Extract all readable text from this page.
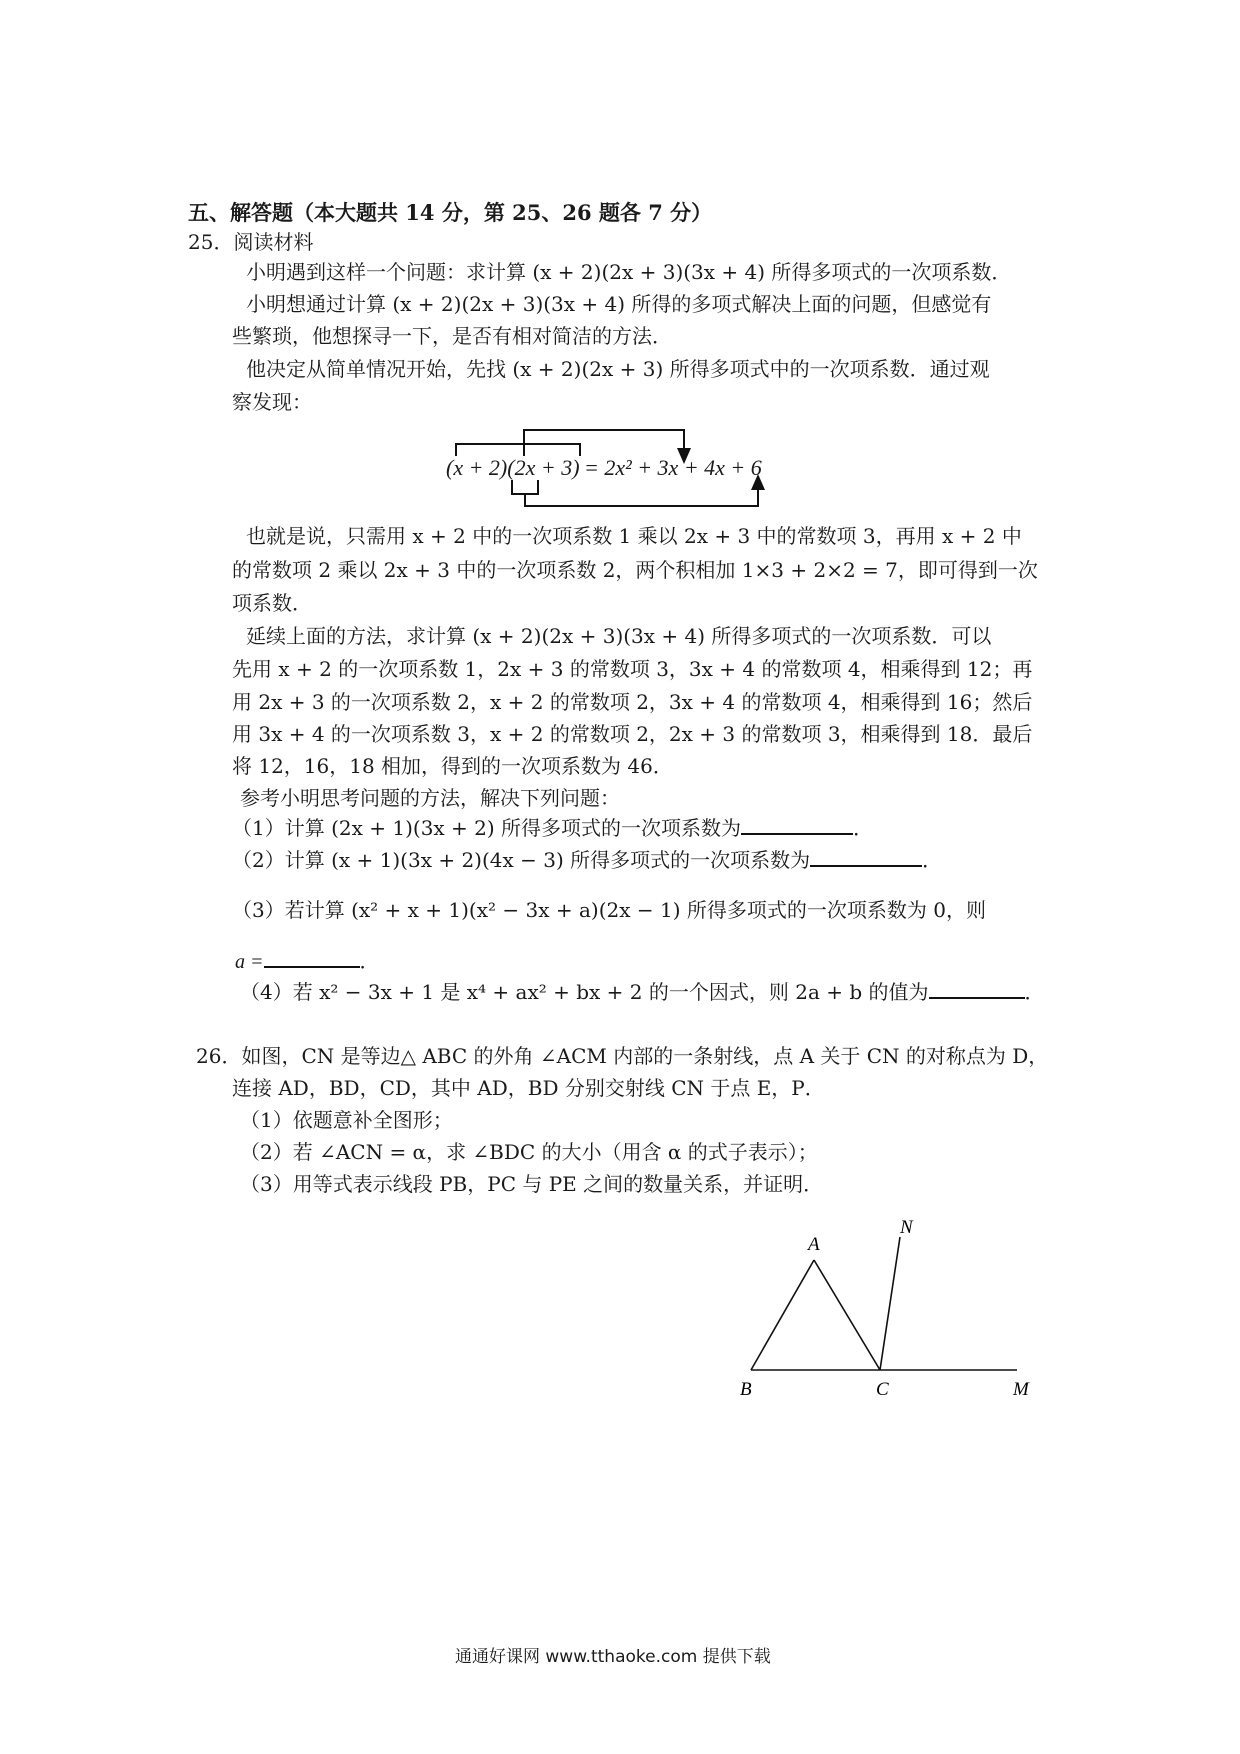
五、解答题（本大题共 14 分，第 25、26 题各 7 分）
25．阅读材料
小明遇到这样一个问题：求计算 (x + 2)(2x + 3)(3x + 4) 所得多项式的一次项系数．
小明想通过计算 (x + 2)(2x + 3)(3x + 4) 所得的多项式解决上面的问题，但感觉有
些繁琐，他想探寻一下，是否有相对简洁的方法．
他决定从简单情况开始，先找 (x + 2)(2x + 3) 所得多项式中的一次项系数．通过观
察发现：
(x + 2)(2x + 3) = 2x² + 3x + 4x + 6
也就是说，只需用 x + 2 中的一次项系数 1 乘以 2x + 3 中的常数项 3，再用 x + 2 中
的常数项 2 乘以 2x + 3 中的一次项系数 2，两个积相加 1×3 + 2×2 = 7，即可得到一次
项系数．
延续上面的方法，求计算 (x + 2)(2x + 3)(3x + 4) 所得多项式的一次项系数．可以
先用 x + 2 的一次项系数 1，2x + 3 的常数项 3，3x + 4 的常数项 4，相乘得到 12；再
用 2x + 3 的一次项系数 2，x + 2 的常数项 2，3x + 4 的常数项 4，相乘得到 16；然后
用 3x + 4 的一次项系数 3，x + 2 的常数项 2，2x + 3 的常数项 3，相乘得到 18．最后
将 12，16，18 相加，得到的一次项系数为 46．
参考小明思考问题的方法，解决下列问题：
（1）计算 (2x + 1)(3x + 2) 所得多项式的一次项系数为	．
（2）计算 (x + 1)(3x + 2)(4x − 3) 所得多项式的一次项系数为	．
（3）若计算 (x² + x + 1)(x² − 3x + a)(2x − 1) 所得多项式的一次项系数为 0，则
a =	．
（4）若 x² − 3x + 1 是 x⁴ + ax² + bx + 2 的一个因式，则 2a + b 的值为	．
26．如图，CN 是等边△ ABC 的外角 ∠ACM 内部的一条射线，点 A 关于 CN 的对称点为 D，
连接 AD，BD，CD，其中 AD，BD 分别交射线 CN 于点 E，P．
（1）依题意补全图形；
（2）若 ∠ACN = α，求 ∠BDC 的大小（用含 α 的式子表示）；
（3）用等式表示线段 PB，PC 与 PE 之间的数量关系，并证明．
A
N
B	C	M
通通好课网 www.tthaoke.com 提供下载
